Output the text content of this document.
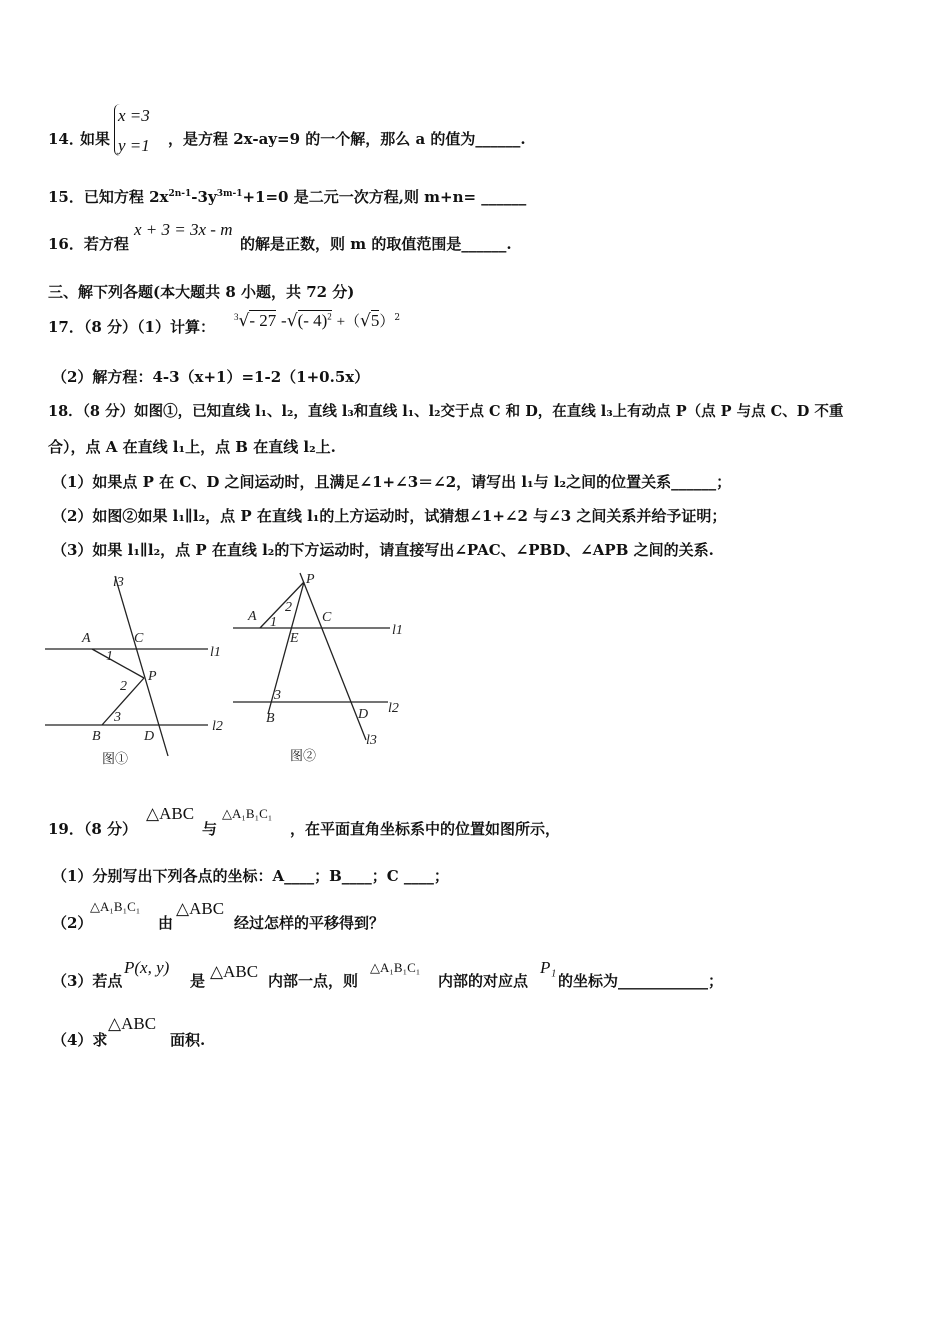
14．
如果
x =3
y =1 ，是方程 2x-ay=9 的一个解，那么 a 的值为______.
15．已知方程 $2x^{2n-1}-3y^{3m-1}+1=0$ 是二元一次方程,则 m+n= ______
16．若方程
x + 3 = 3x - m
的解是正数，则 m 的取值范围是______.
三、解下列各题(本大题共 8 小题，共 72 分)
17．（8 分）（1）计算：
$^3$√- 27 -√(- $4)^2 +(√5)^2$
（2）解方程：4-3（x+1）=1-2（1+0.5x）
18．（8 分）如图①，已知直线 l₁、l₂，直线 l₃和直线 l₁、l₂交于点 C 和 D，在直线 l₃上有动点 P（点 P 与点 C、D 不重
合），点 A 在直线 l₁上，点 B 在直线 l₂上.
（1）如果点 P 在 C、D 之间运动时，且满足∠1+∠3＝∠2，请写出 l₁与 l₂之间的位置关系______；
（2）如图②如果 l₁∥l₂，点 P 在直线 l₁的上方运动时，试猜想∠1+∠2 与∠3 之间关系并给予证明；
（3）如果 l₁∥l₂，点 P 在直线 l₂的下方运动时，请直接写出∠PAC、∠PBD、∠APB 之间的关系.
l3
A	C
l1
1
2
P
3
l2
B	D
图①
P
2
A 1	C
E
l1
3
l2
B	D
l3
图②
19．（8 分）
△ABC
与
△A₁B₁C₁
，在平面直角坐标系中的位置如图所示，
（1）分别写出下列各点的坐标：A____；B____；C ____；
（2）
△A₁B₁C₁
由
△ABC
经过怎样的平移得到？
（3）若点
P(x, y)
是 △ABC 内部一点，则
△A₁B₁C₁
内部的对应点
P₁
的坐标为____________；
（4）求
△ABC
面积.
